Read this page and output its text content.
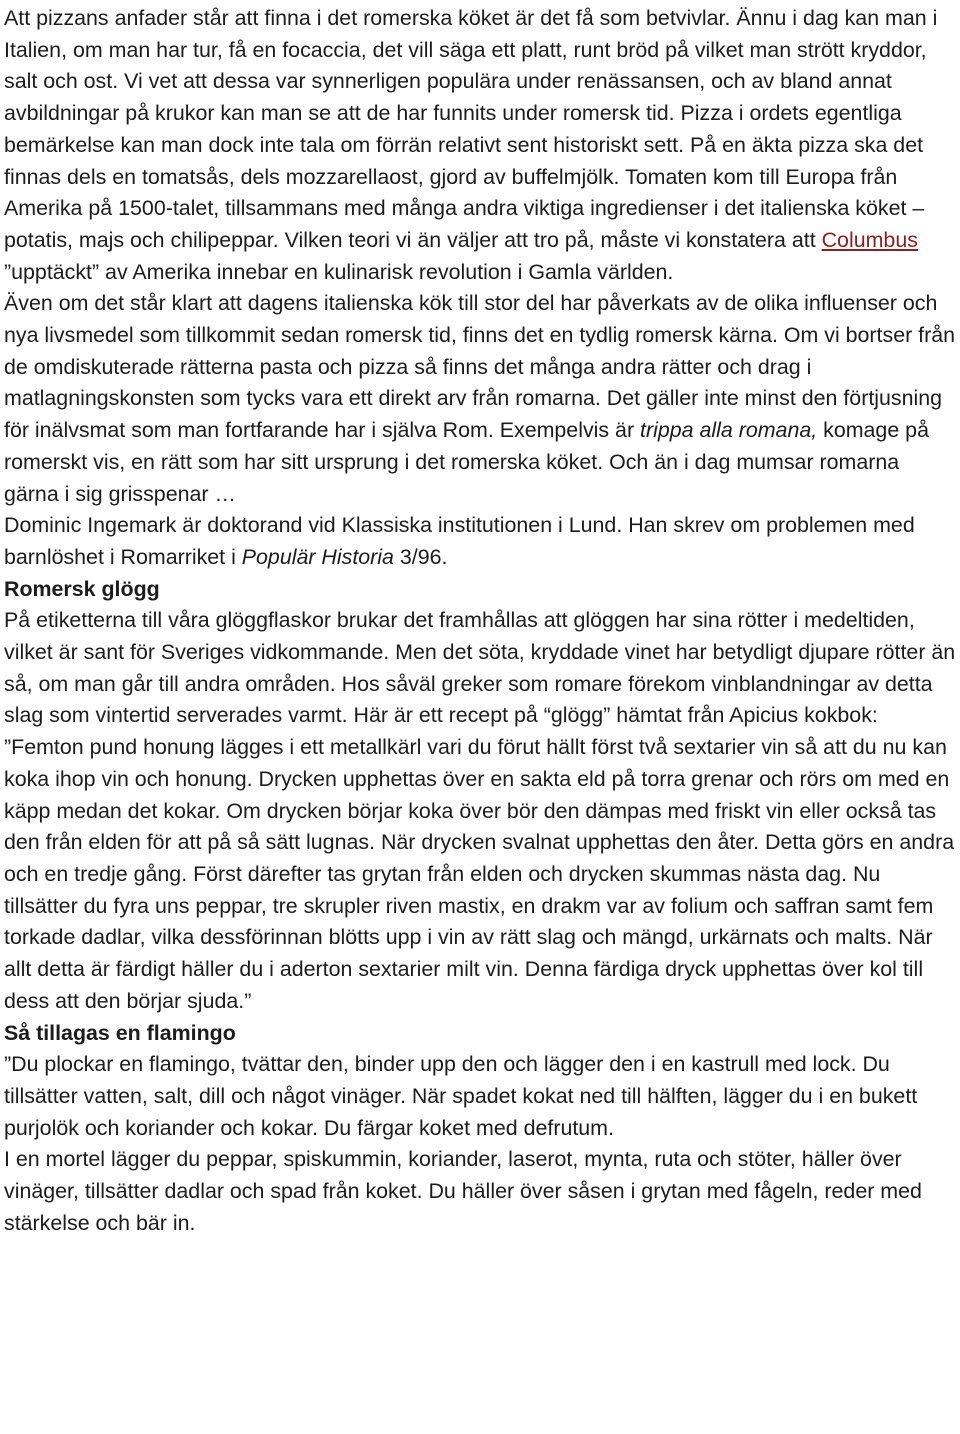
Att pizzans anfader står att finna i det romerska köket är det få som betvivlar. Ännu i dag kan man i Italien, om man har tur, få en focaccia, det vill säga ett platt, runt bröd på vilket man strött kryddor, salt och ost. Vi vet att dessa var synnerligen populära under renässansen, och av bland annat avbildningar på krukor kan man se att de har funnits under romersk tid. Pizza i ordets egentliga bemärkelse kan man dock inte tala om förrän relativt sent historiskt sett. På en äkta pizza ska det finnas dels en tomatsås, dels mozzarellaost, gjord av buffelmjölk. Tomaten kom till Europa från Amerika på 1500-talet, tillsammans med många andra viktiga ingredienser i det italienska köket – potatis, majs och chilipeppar. Vilken teori vi än väljer att tro på, måste vi konstatera att Columbus ”upptäckt” av Amerika innebar en kulinarisk revolution i Gamla världen.

Även om det står klart att dagens italienska kök till stor del har påverkats av de olika influenser och nya livsmedel som tillkommit sedan romersk tid, finns det en tydlig romersk kärna. Om vi bortser från de omdiskuterade rätterna pasta och pizza så finns det många andra rätter och drag i matlagningskonsten som tycks vara ett direkt arv från romarna. Det gäller inte minst den förtjusning för inälvsmat som man fortfarande har i själva Rom. Exempelvis är trippa alla romana, komage på romerskt vis, en rätt som har sitt ursprung i det romerska köket. Och än i dag mumsar romarna gärna i sig grisspenar …

Dominic Ingemark är doktorand vid Klassiska institutionen i Lund. Han skrev om problemen med barnlöshet i Romarriket i Populär Historia 3/96.

Romersk glögg

På etiketterna till våra glöggflaskor brukar det framhållas att glöggen har sina rötter i medeltiden, vilket är sant för Sveriges vidkommande. Men det söta, kryddade vinet har betydligt djupare rötter än så, om man går till andra områden. Hos såväl greker som romare förekom vinblandningar av detta slag som vintertid serverades varmt. Här är ett recept på “glögg” hämtat från Apicius kokbok:

”Femton pund honung lägges i ett metallkärl vari du förut hällt först två sextarier vin så att du nu kan koka ihop vin och honung. Drycken upphettas över en sakta eld på torra grenar och rörs om med en käpp medan det kokar. Om drycken börjar koka över bör den dämpas med friskt vin eller också tas den från elden för att på så sätt lugnas. När drycken svalnat upphettas den åter. Detta görs en andra och en tredje gång. Först därefter tas grytan från elden och drycken skummas nästa dag. Nu tillsätter du fyra uns peppar, tre skrupler riven mastix, en drakm var av folium och saffran samt fem torkade dadlar, vilka dessförinnan blötts upp i vin av rätt slag och mängd, urkärnats och malts. När allt detta är färdigt häller du i aderton sextarier milt vin. Denna färdiga dryck upphettas över kol till dess att den börjar sjuda.”

Så tillagas en flamingo

”Du plockar en flamingo, tvättar den, binder upp den och lägger den i en kastrull med lock. Du tillsätter vatten, salt, dill och något vinäger. När spadet kokat ned till hälften, lägger du i en bukett purjolök och koriander och kokar. Du färgar koket med defrutum.

I en mortel lägger du peppar, spiskummin, koriander, laserot, mynta, ruta och stöter, häller över vinäger, tillsätter dadlar och spad från koket. Du häller över såsen i grytan med fågeln, reder med stärkelse och bär in.
